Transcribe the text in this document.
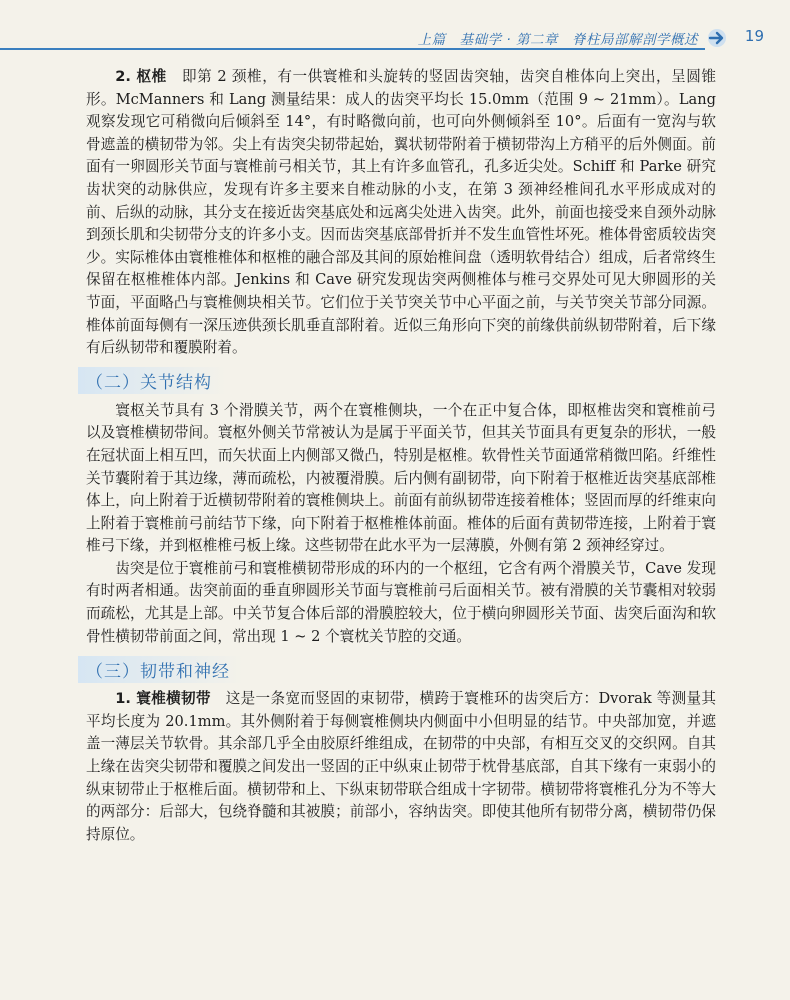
上篇　基础学 · 第二章　脊柱局部解剖学概述	19

2. 枢椎　即第 2 颈椎，有一供寰椎和头旋转的竖固齿突轴，齿突自椎体向上突出，呈圆锥形。McManners 和 Lang 测量结果：成人的齿突平均长 15.0mm（范围 9 ~ 21mm）。Lang 观察发现它可稍微向后倾斜至 14°，有时略微向前，也可向外侧倾斜至 10°。后面有一宽沟与软骨遮盖的横韧带为邻。尖上有齿突尖韧带起始，翼状韧带附着于横韧带沟上方稍平的后外侧面。前面有一卵圆形关节面与寰椎前弓相关节，其上有许多血管孔，孔多近尖处。Schiff 和 Parke 研究齿状突的动脉供应，发现有许多主要来自椎动脉的小支，在第 3 颈神经椎间孔水平形成成对的前、后纵的动脉，其分支在接近齿突基底处和远离尖处进入齿突。此外，前面也接受来自颈外动脉到颈长肌和尖韧带分支的许多小支。因而齿突基底部骨折并不发生血管性坏死。椎体骨密质较齿突少。实际椎体由寰椎椎体和枢椎的融合部及其间的原始椎间盘（透明软骨结合）组成，后者常终生保留在枢椎椎体内部。Jenkins 和 Cave 研究发现齿突两侧椎体与椎弓交界处可见大卵圆形的关节面，平面略凸与寰椎侧块相关节。它们位于关节突关节中心平面之前，与关节突关节部分同源。椎体前面每侧有一深压迹供颈长肌垂直部附着。近似三角形向下突的前缘供前纵韧带附着，后下缘有后纵韧带和覆膜附着。

（二）关节结构

寰枢关节具有 3 个滑膜关节，两个在寰椎侧块，一个在正中复合体，即枢椎齿突和寰椎前弓以及寰椎横韧带间。寰枢外侧关节常被认为是属于平面关节，但其关节面具有更复杂的形状，一般在冠状面上相互凹，而矢状面上内侧部又微凸，特别是枢椎。软骨性关节面通常稍微凹陷。纤维性关节囊附着于其边缘，薄而疏松，内被覆滑膜。后内侧有副韧带，向下附着于枢椎近齿突基底部椎体上，向上附着于近横韧带附着的寰椎侧块上。前面有前纵韧带连接着椎体；竖固而厚的纤维束向上附着于寰椎前弓前结节下缘，向下附着于枢椎椎体前面。椎体的后面有黄韧带连接，上附着于寰椎弓下缘，并到枢椎椎弓板上缘。这些韧带在此水平为一层薄膜，外侧有第 2 颈神经穿过。

齿突是位于寰椎前弓和寰椎横韧带形成的环内的一个枢纽，它含有两个滑膜关节，Cave 发现有时两者相通。齿突前面的垂直卵圆形关节面与寰椎前弓后面相关节。被有滑膜的关节囊相对较弱而疏松，尤其是上部。中关节复合体后部的滑膜腔较大，位于横向卵圆形关节面、齿突后面沟和软骨性横韧带前面之间，常出现 1 ~ 2 个寰枕关节腔的交通。

（三）韧带和神经

1. 寰椎横韧带　这是一条宽而竖固的束韧带，横跨于寰椎环的齿突后方：Dvorak 等测量其平均长度为 20.1mm。其外侧附着于每侧寰椎侧块内侧面中小但明显的结节。中央部加宽，并遮盖一薄层关节软骨。其余部几乎全由胶原纤维组成，在韧带的中央部，有相互交叉的交织网。自其上缘在齿突尖韧带和覆膜之间发出一竖固的正中纵束止韧带于枕骨基底部，自其下缘有一束弱小的纵束韧带止于枢椎后面。横韧带和上、下纵束韧带联合组成十字韧带。横韧带将寰椎孔分为不等大的两部分：后部大，包绕脊髓和其被膜；前部小，容纳齿突。即使其他所有韧带分离，横韧带仍保持原位。
